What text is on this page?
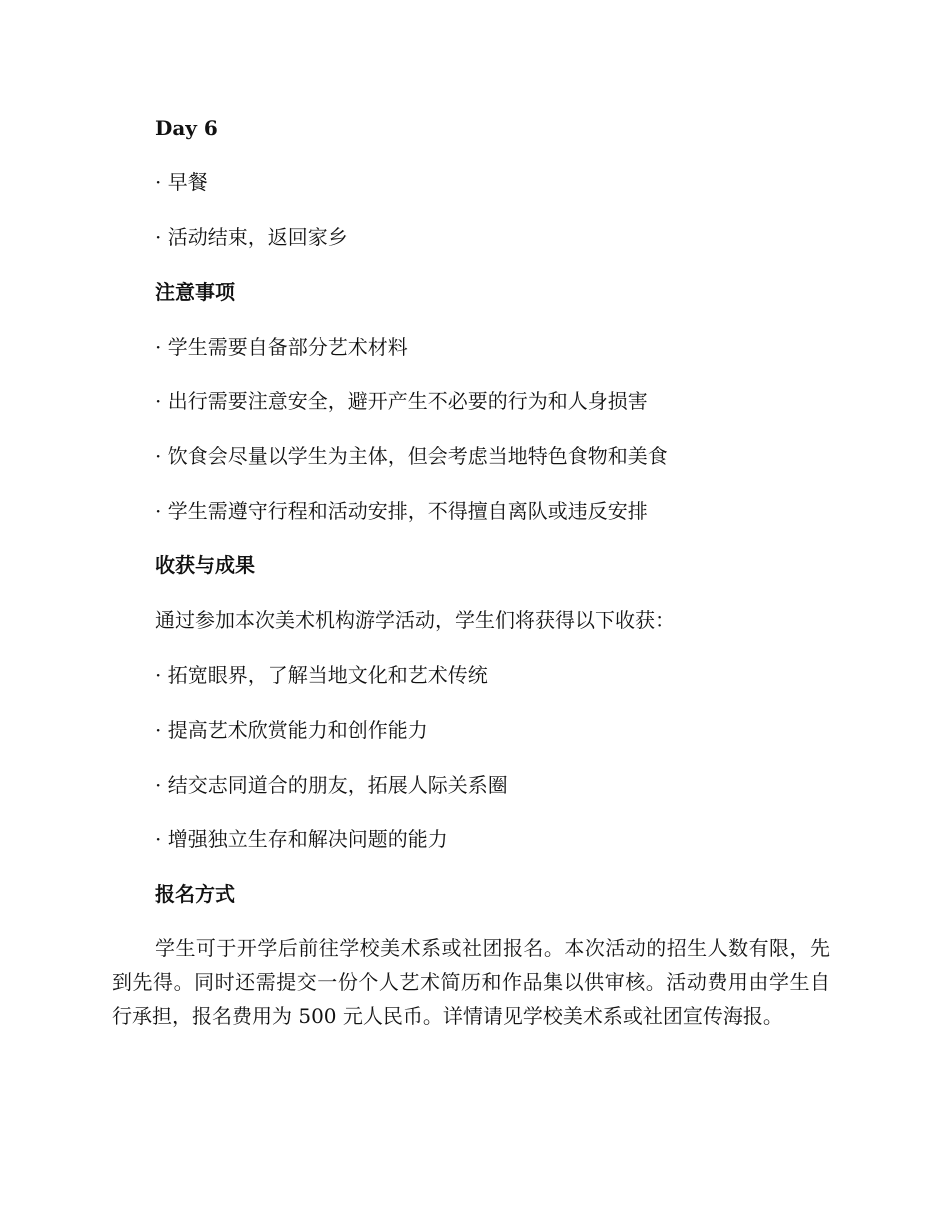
Day 6
· 早餐
· 活动结束，返回家乡
注意事项
· 学生需要自备部分艺术材料
· 出行需要注意安全，避开产生不必要的行为和人身损害
· 饮食会尽量以学生为主体，但会考虑当地特色食物和美食
· 学生需遵守行程和活动安排，不得擅自离队或违反安排
收获与成果
通过参加本次美术机构游学活动，学生们将获得以下收获：
· 拓宽眼界，了解当地文化和艺术传统
· 提高艺术欣赏能力和创作能力
· 结交志同道合的朋友，拓展人际关系圈
· 增强独立生存和解决问题的能力
报名方式
学生可于开学后前往学校美术系或社团报名。本次活动的招生人数有限，先到先得。同时还需提交一份个人艺术简历和作品集以供审核。活动费用由学生自行承担，报名费用为 500 元人民币。详情请见学校美术系或社团宣传海报。
